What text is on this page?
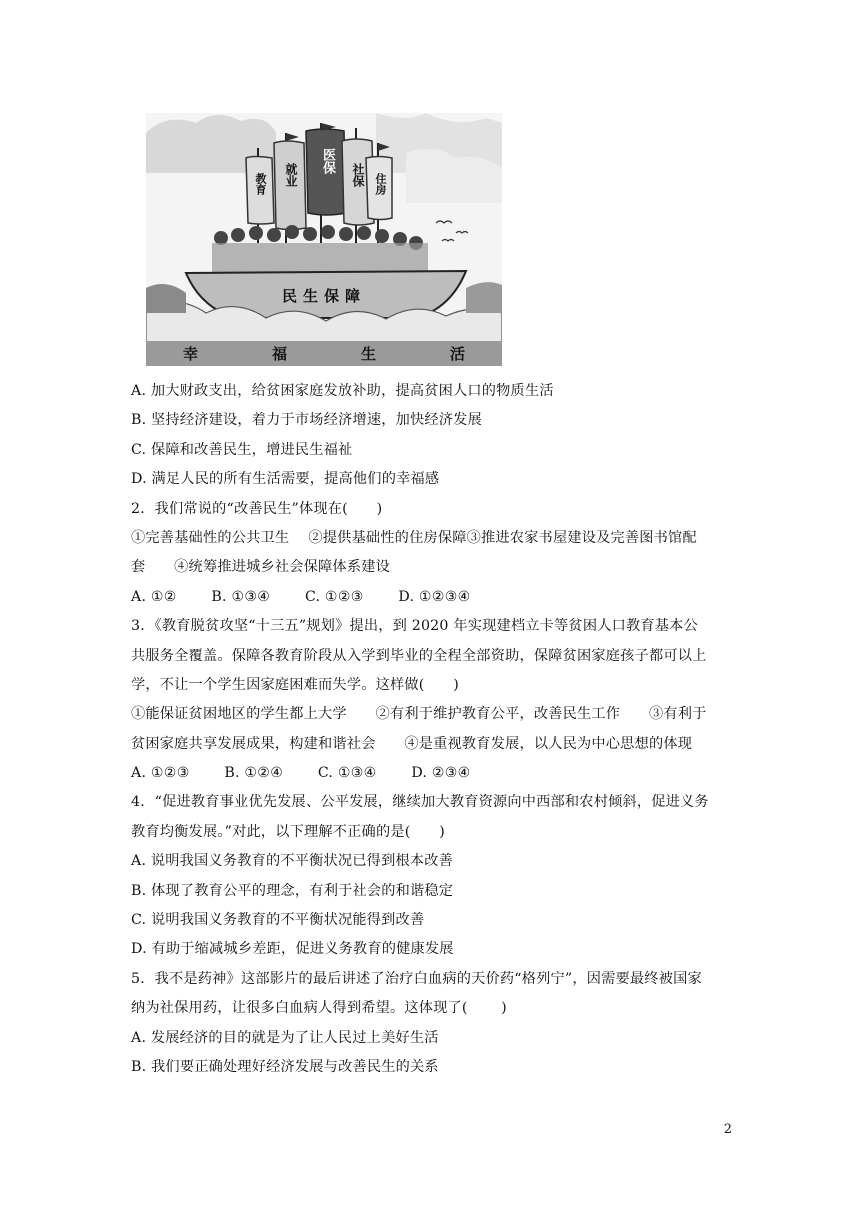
医保
就业	社保
教育	住房
民生保障
幸	福	生	活
A. 加大财政支出，给贫困家庭发放补助，提高贫困人口的物质生活
B. 坚持经济建设，着力于市场经济增速，加快经济发展
C. 保障和改善民生，增进民生福祉
D. 满足人民的所有生活需要，提高他们的幸福感
2．我们常说的“改善民生”体现在(　　)
①完善基础性的公共卫生　 ②提供基础性的住房保障③推进农家书屋建设及完善图书馆配
套　　④统筹推进城乡社会保障体系建设
A. ①② B. ①③④ C. ①②③ D. ①②③④
3．《教育脱贫攻坚“十三五”规划》提出，到 2020 年实现建档立卡等贫困人口教育基本公
共服务全覆盖。保障各教育阶段从入学到毕业的全程全部资助，保障贫困家庭孩子都可以上
学，不让一个学生因家庭困难而失学。这样做(　　)
①能保证贫困地区的学生都上大学　　②有利于维护教育公平，改善民生工作　　③有利于
贫困家庭共享发展成果，构建和谐社会　　④是重视教育发展，以人民为中心思想的体现
A. ①②③ B. ①②④ C. ①③④ D. ②③④
4．“促进教育事业优先发展、公平发展，继续加大教育资源向中西部和农村倾斜，促进义务
教育均衡发展。”对此，以下理解不正确的是(　　)
A. 说明我国义务教育的不平衡状况已得到根本改善
B. 体现了教育公平的理念，有利于社会的和谐稳定
C. 说明我国义务教育的不平衡状况能得到改善
D. 有助于缩减城乡差距，促进义务教育的健康发展
5．我不是药神》这部影片的最后讲述了治疗白血病的天价药“格列宁”，因需要最终被国家
纳为社保用药，让很多白血病人得到希望。这体现了(　　 )
A. 发展经济的目的就是为了让人民过上美好生活
B. 我们要正确处理好经济发展与改善民生的关系
2
